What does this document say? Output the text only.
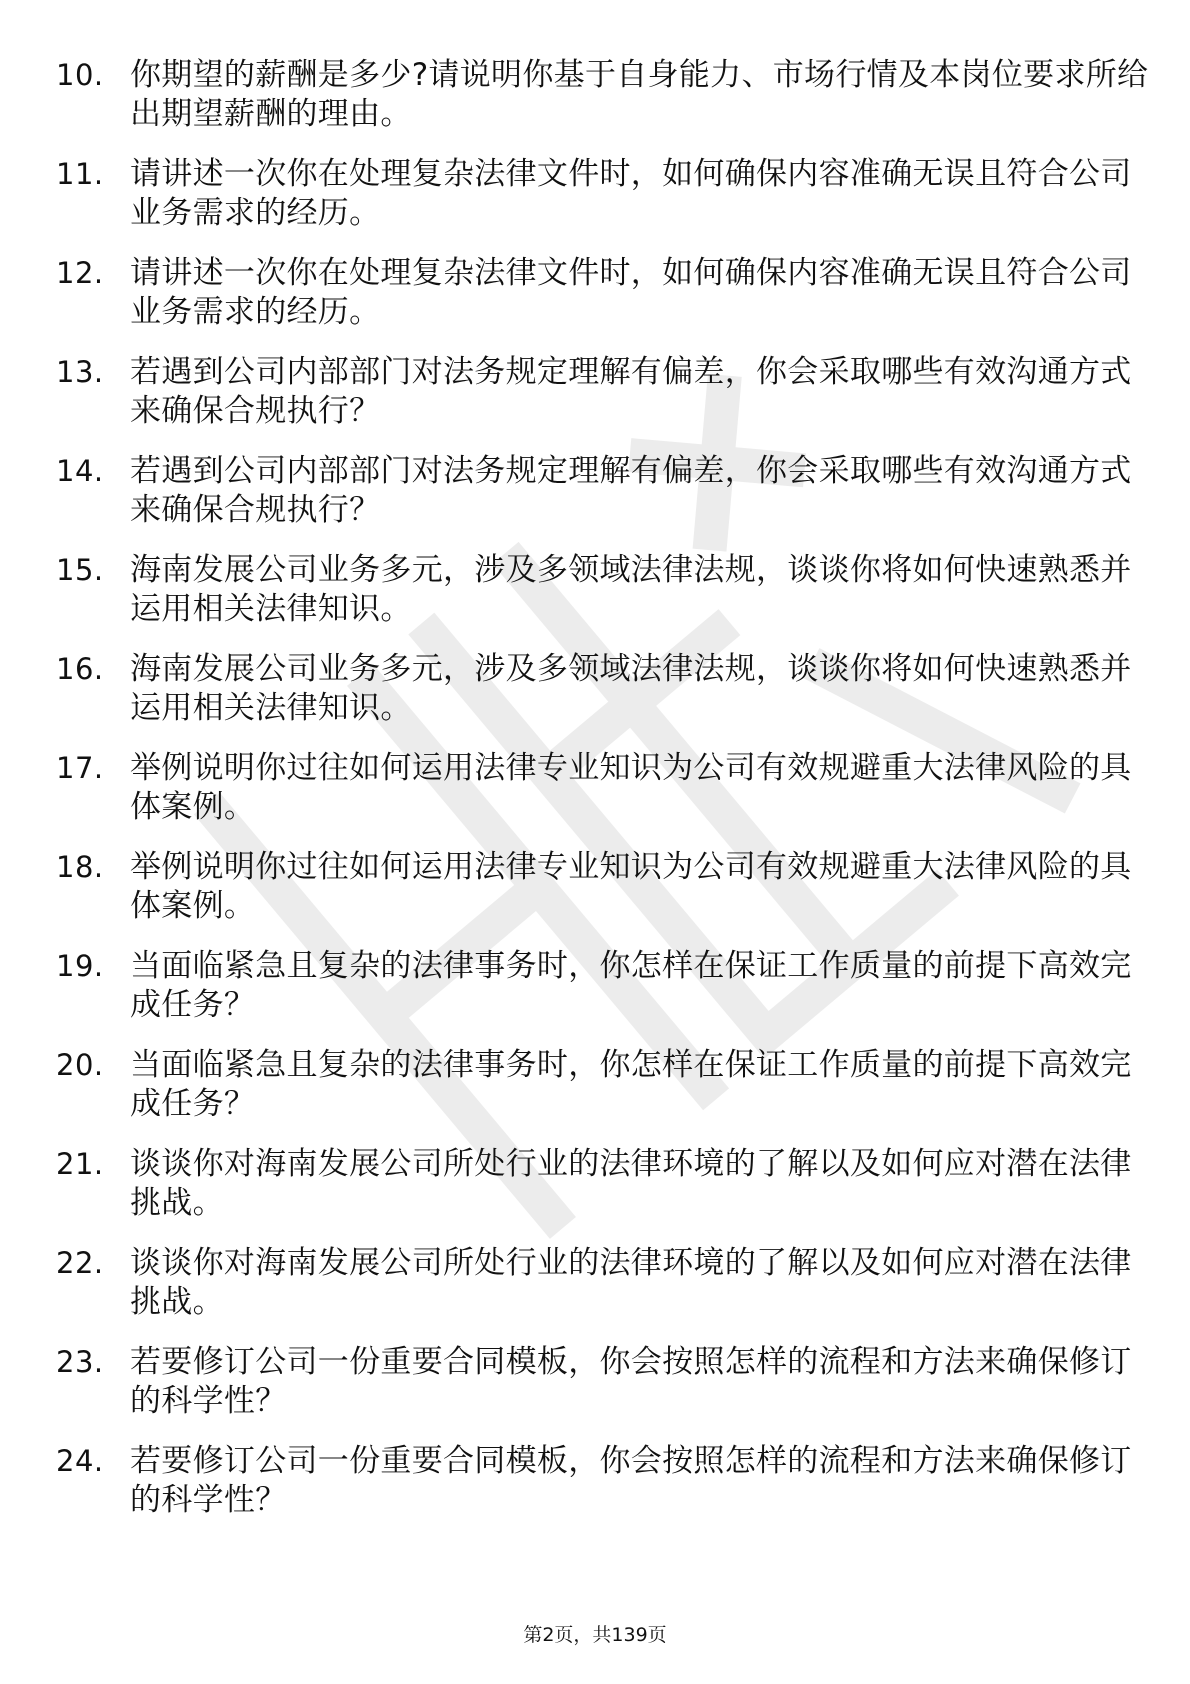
10. 你期望的薪酬是多少?请说明你基于自身能力、市场行情及本岗位要求所给出期望薪酬的理由。
11. 请讲述一次你在处理复杂法律文件时，如何确保内容准确无误且符合公司业务需求的经历。
12. 请讲述一次你在处理复杂法律文件时，如何确保内容准确无误且符合公司业务需求的经历。
13. 若遇到公司内部部门对法务规定理解有偏差，你会采取哪些有效沟通方式来确保合规执行？
14. 若遇到公司内部部门对法务规定理解有偏差，你会采取哪些有效沟通方式来确保合规执行？
15. 海南发展公司业务多元，涉及多领域法律法规，谈谈你将如何快速熟悉并运用相关法律知识。
16. 海南发展公司业务多元，涉及多领域法律法规，谈谈你将如何快速熟悉并运用相关法律知识。
17. 举例说明你过往如何运用法律专业知识为公司有效规避重大法律风险的具体案例。
18. 举例说明你过往如何运用法律专业知识为公司有效规避重大法律风险的具体案例。
19. 当面临紧急且复杂的法律事务时，你怎样在保证工作质量的前提下高效完成任务？
20. 当面临紧急且复杂的法律事务时，你怎样在保证工作质量的前提下高效完成任务？
21. 谈谈你对海南发展公司所处行业的法律环境的了解以及如何应对潜在法律挑战。
22. 谈谈你对海南发展公司所处行业的法律环境的了解以及如何应对潜在法律挑战。
23. 若要修订公司一份重要合同模板，你会按照怎样的流程和方法来确保修订的科学性？
24. 若要修订公司一份重要合同模板，你会按照怎样的流程和方法来确保修订的科学性？
第2页，共139页
